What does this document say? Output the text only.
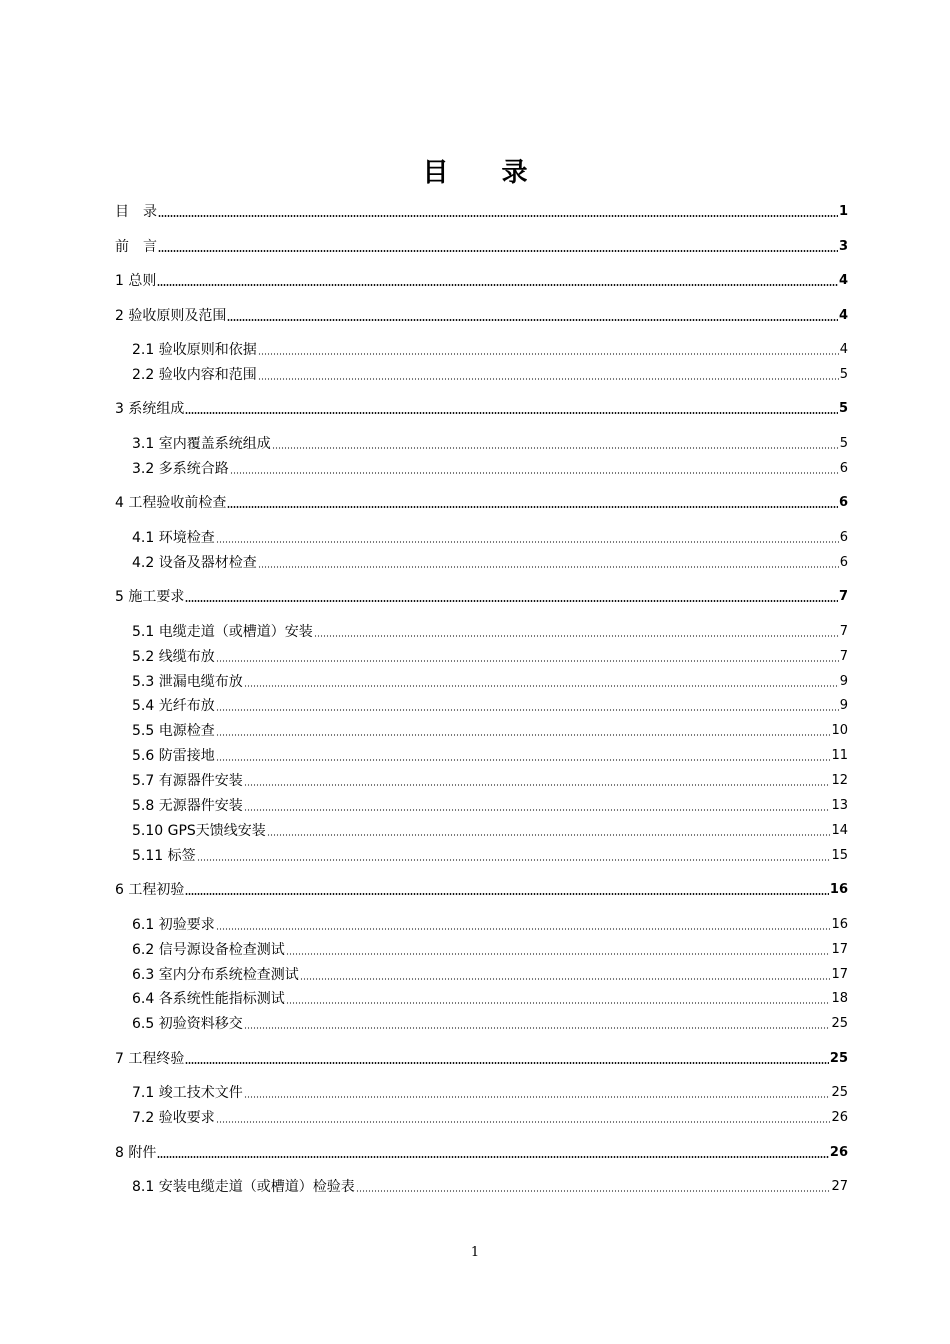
目 录
目　录	1
前　言	3
1 总则	4
2 验收原则及范围	4
2.1 验收原则和依据	4
2.2 验收内容和范围	5
3 系统组成	5
3.1 室内覆盖系统组成	5
3.2 多系统合路	6
4 工程验收前检查	6
4.1 环境检查	6
4.2 设备及器材检查	6
5 施工要求	7
5.1 电缆走道（或槽道）安装	7
5.2 线缆布放	7
5.3 泄漏电缆布放	9
5.4 光纤布放	9
5.5 电源检查	10
5.6 防雷接地	11
5.7 有源器件安装	12
5.8 无源器件安装	13
5.10 GPS天馈线安装	14
5.11 标签	15
6 工程初验	16
6.1 初验要求	16
6.2 信号源设备检查测试	17
6.3 室内分布系统检查测试	17
6.4 各系统性能指标测试	18
6.5 初验资料移交	25
7 工程终验	25
7.1 竣工技术文件	25
7.2 验收要求	26
8 附件	26
8.1 安装电缆走道（或槽道）检验表	27
1
